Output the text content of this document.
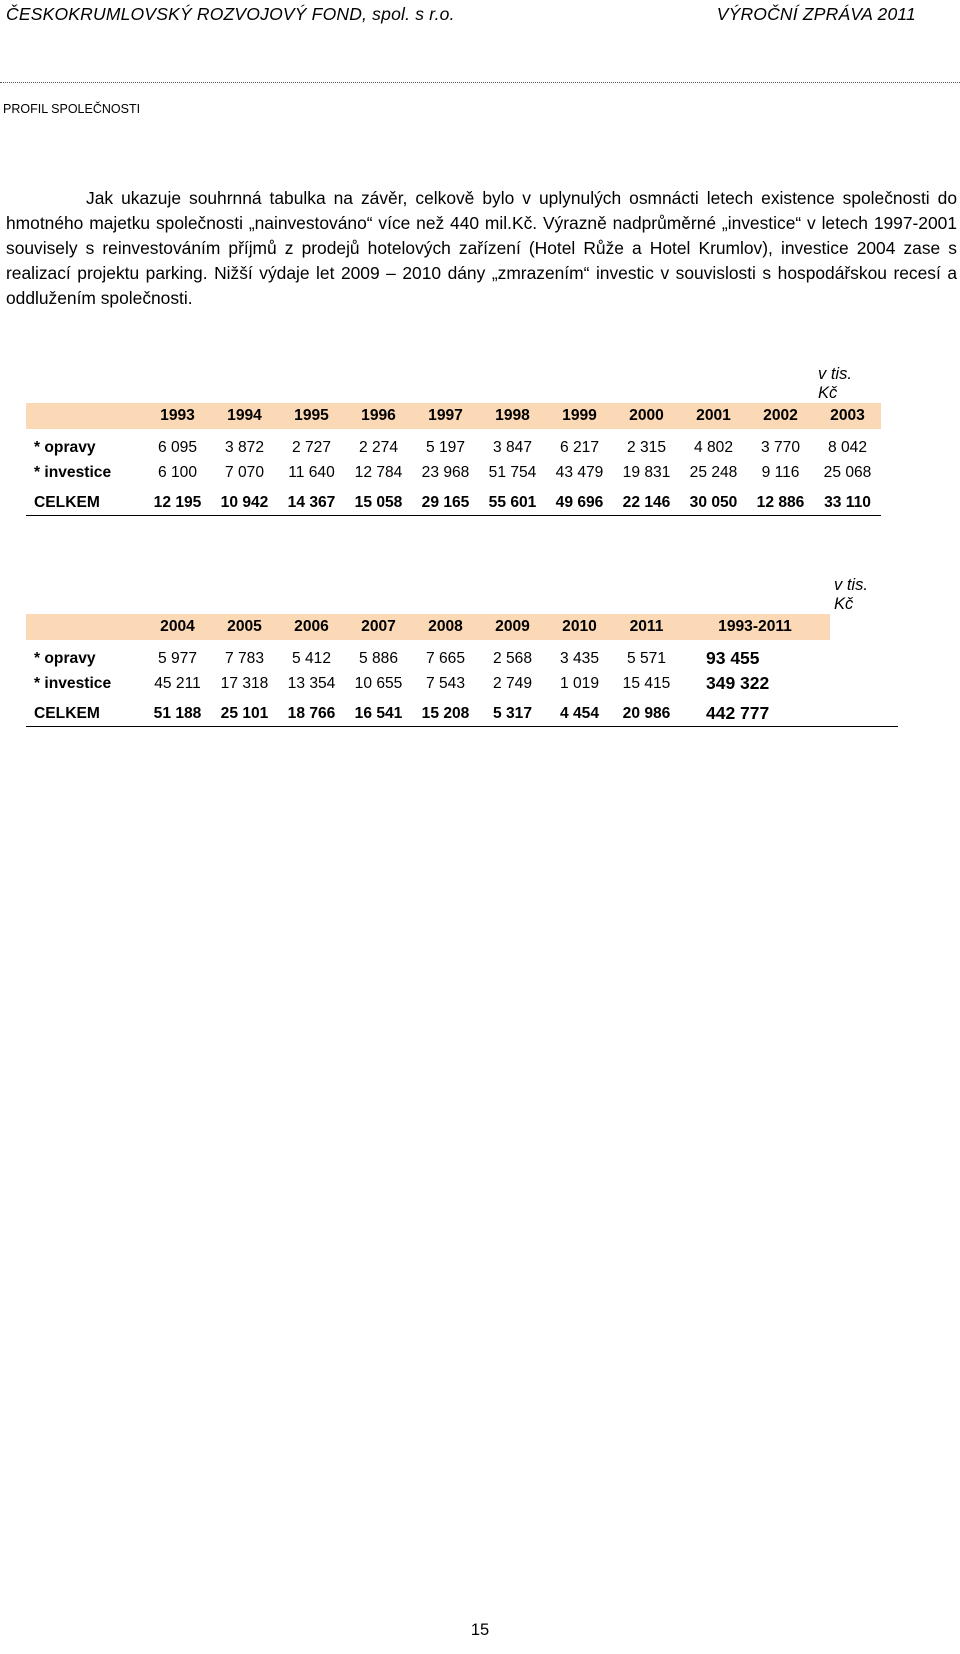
ČESKOKRUMLOVSKÝ ROZVOJOVÝ FOND, spol. s r.o.	VÝROČNÍ ZPRÁVA 2011
PROFIL SPOLEČNOSTI

Jak ukazuje souhrnná tabulka na závěr, celkově bylo v uplynulých osmnácti letech existence společnosti do hmotného majetku společnosti „nainvestováno“ více než 440 mil.Kč. Výrazně nadprůměrné „investice“ v letech 1997-2001 souvisely s reinvestováním příjmů z prodejů hotelových zařízení (Hotel Růže a Hotel Krumlov), investice 2004 zase s realizací projektu parking. Nižší výdaje let 2009 – 2010 dány „zmrazením“ investic v souvislosti s hospodářskou recesí a oddlužením společnosti.

											v tis.
Kč
	1993	1994	1995	1996	1997	1998	1999	2000	2001	2002	2003

* opravy	6 095	3 872	2 727	2 274	5 197	3 847	6 217	2 315	4 802	3 770	8 042
* investice	6 100	7 070	11 640	12 784	23 968	51 754	43 479	19 831	25 248	9 116	25 068

CELKEM	12 195	10 942	14 367	15 058	29 165	55 601	49 696	22 146	30 050	12 886	33 110
										v tis.
Kč
	2004	2005	2006	2007	2008	2009	2010	2011	1993-2011	

* opravy	5 977	7 783	5 412	5 886	7 665	2 568	3 435	5 571	93 455	
* investice	45 211	17 318	13 354	10 655	7 543	2 749	1 019	15 415	349 322	

CELKEM	51 188	25 101	18 766	16 541	15 208	5 317	4 454	20 986	442 777	
15
